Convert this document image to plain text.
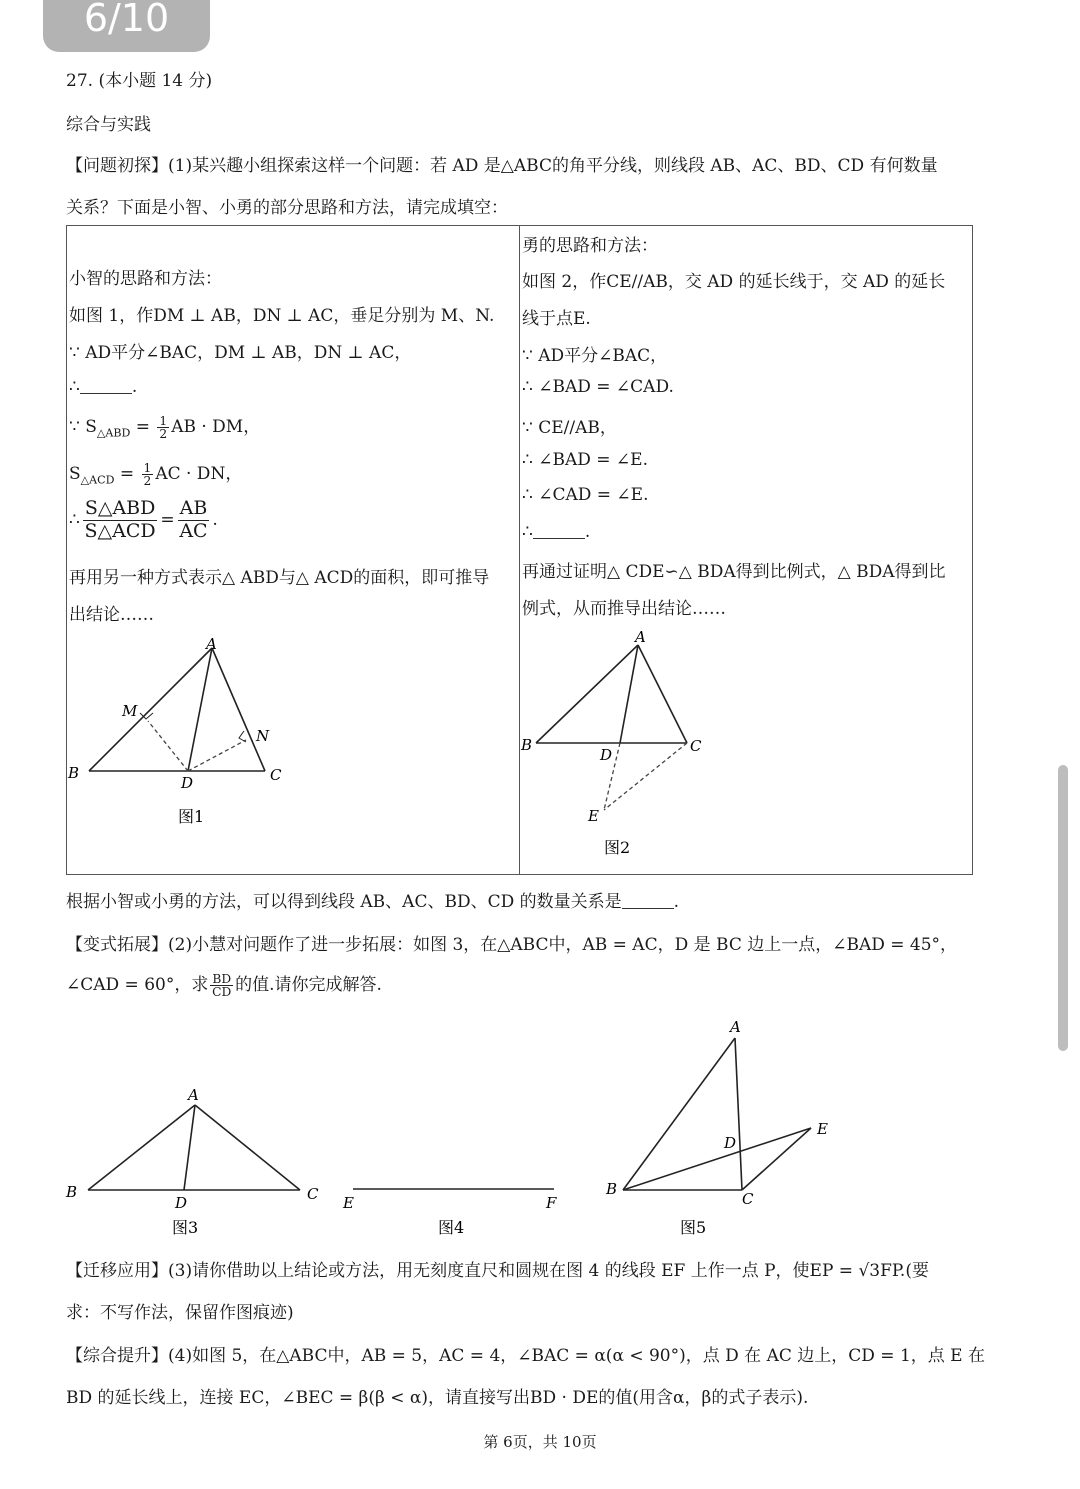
6/10
27. (本小题 14 分)
综合与实践
【问题初探】(1)某兴趣小组探索这样一个问题：若 AD 是△ABC的角平分线，则线段 AB、AC、BD、CD 有何数量
关系？下面是小智、小勇的部分思路和方法，请完成填空：
小智的思路和方法：
如图 1，作DM ⊥ AB，DN ⊥ AC，垂足分别为 M、N.
∵ AD平分∠BAC，DM ⊥ AB，DN ⊥ AC，
∴	.
∵ $S_{\triangle ABD} = \frac{1}{2}$ AB · DM，
$S_{\triangle ACD} = \frac{1}{2}$ AC · DN，
∴
S△ABD
S△ACD = $\frac{AB}{AC}$ .
再用另一种方式表示△ ABD与△ ACD的面积，即可推导
出结论……
勇的思路和方法：
如图 2，作CE//AB，交 AD 的延长线于，交 AD 的延长
线于点E.
∵ AD平分∠BAC，
∴ ∠BAD = ∠CAD.
∵ CE//AB，
∴ ∠BAD = ∠E.
∴ ∠CAD = ∠E.
∴	.
再通过证明△ CDE∽△ BDA得到比例式，△ BDA得到比
例式，从而推导出结论……
A
M
N
B
D	C
图1
A
B
D	C
E
图2
根据小智或小勇的方法，可以得到线段 AB、AC、BD、CD 的数量关系是	.
【变式拓展】(2)小慧对问题作了进一步拓展：如图 3，在△ABC中，AB = AC，D 是 BC 边上一点，∠BAD = 45°，
∠CAD = 60°，求 $\frac{BD}{CD}$ 的值.请你完成解答.
A
B
D	C
图3
E	F
图4
A
B
D
E
C
图5
【迁移应用】(3)请你借助以上结论或方法，用无刻度直尺和圆规在图 4 的线段 EF 上作一点 P，使EP = √3FP.(要
求：不写作法，保留作图痕迹)
【综合提升】(4)如图 5，在△ABC中，AB = 5，AC = 4，∠BAC = α(α < 90°)，点 D 在 AC 边上，CD = 1，点 E 在
BD 的延长线上，连接 EC，∠BEC = β(β < α)，请直接写出BD · DE的值(用含α，β的式子表示).
第 6页，共 10页
